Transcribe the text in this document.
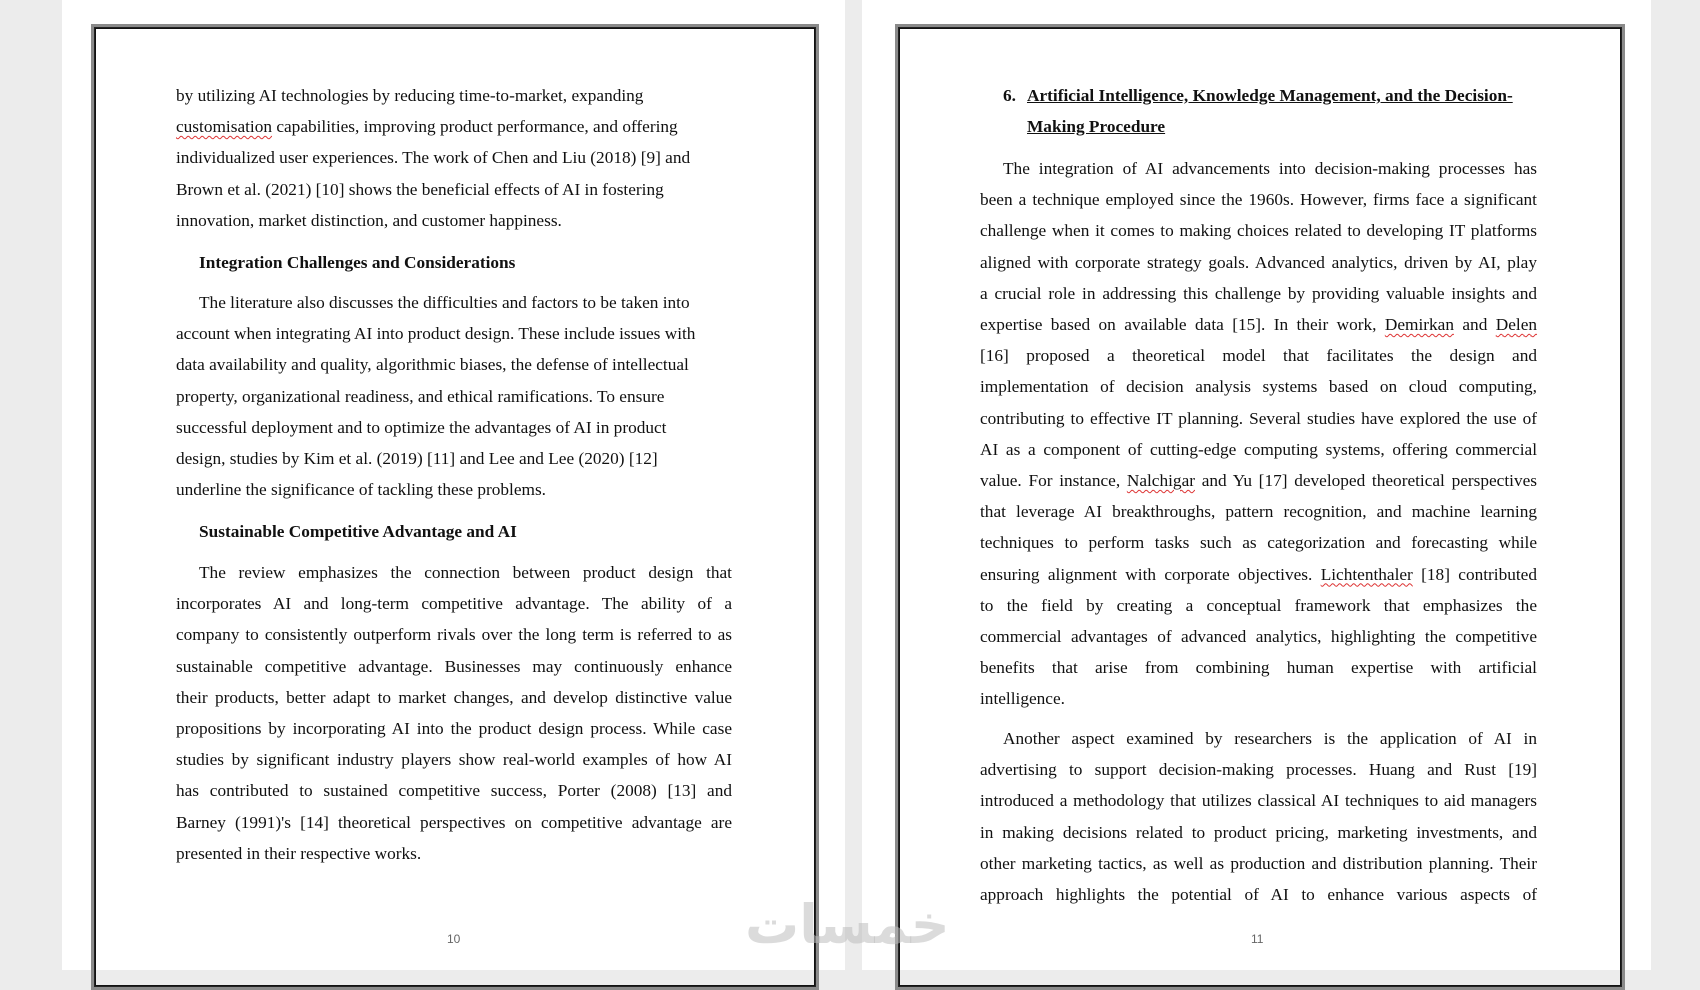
by utilizing AI technologies by reducing time-to-market, expanding
customisation capabilities, improving product performance, and offering
individualized user experiences. The work of Chen and Liu (2018) [9] and
Brown et al. (2021) [10] shows the beneficial effects of AI in fostering
innovation, market distinction, and customer happiness.
Integration Challenges and Considerations
The literature also discusses the difficulties and factors to be taken into
account when integrating AI into product design. These include issues with
data availability and quality, algorithmic biases, the defense of intellectual
property, organizational readiness, and ethical ramifications. To ensure
successful deployment and to optimize the advantages of AI in product
design, studies by Kim et al. (2019) [11] and Lee and Lee (2020) [12]
underline the significance of tackling these problems.
Sustainable Competitive Advantage and AI
The review emphasizes the connection between product design that
incorporates AI and long-term competitive advantage. The ability of a
company to consistently outperform rivals over the long term is referred to as
sustainable competitive advantage. Businesses may continuously enhance
their products, better adapt to market changes, and develop distinctive value
propositions by incorporating AI into the product design process. While case
studies by significant industry players show real-world examples of how AI
has contributed to sustained competitive success, Porter (2008) [13] and
Barney (1991)'s [14] theoretical perspectives on competitive advantage are
presented in their respective works.
10
6. Artificial Intelligence, Knowledge Management, and the Decision-
Making Procedure
The integration of AI advancements into decision-making processes has
been a technique employed since the 1960s. However, firms face a significant
challenge when it comes to making choices related to developing IT platforms
aligned with corporate strategy goals. Advanced analytics, driven by AI, play
a crucial role in addressing this challenge by providing valuable insights and
expertise based on available data [15]. In their work, Demirkan and Delen
[16] proposed a theoretical model that facilitates the design and
implementation of decision analysis systems based on cloud computing,
contributing to effective IT planning. Several studies have explored the use of
AI as a component of cutting-edge computing systems, offering commercial
value. For instance, Nalchigar and Yu [17] developed theoretical perspectives
that leverage AI breakthroughs, pattern recognition, and machine learning
techniques to perform tasks such as categorization and forecasting while
ensuring alignment with corporate objectives. Lichtenthaler [18] contributed
to the field by creating a conceptual framework that emphasizes the
commercial advantages of advanced analytics, highlighting the competitive
benefits that arise from combining human expertise with artificial
intelligence.
Another aspect examined by researchers is the application of AI in
advertising to support decision-making processes. Huang and Rust [19]
introduced a methodology that utilizes classical AI techniques to aid managers
in making decisions related to product pricing, marketing investments, and
other marketing tactics, as well as production and distribution planning. Their
approach highlights the potential of AI to enhance various aspects of
11
خمسات
